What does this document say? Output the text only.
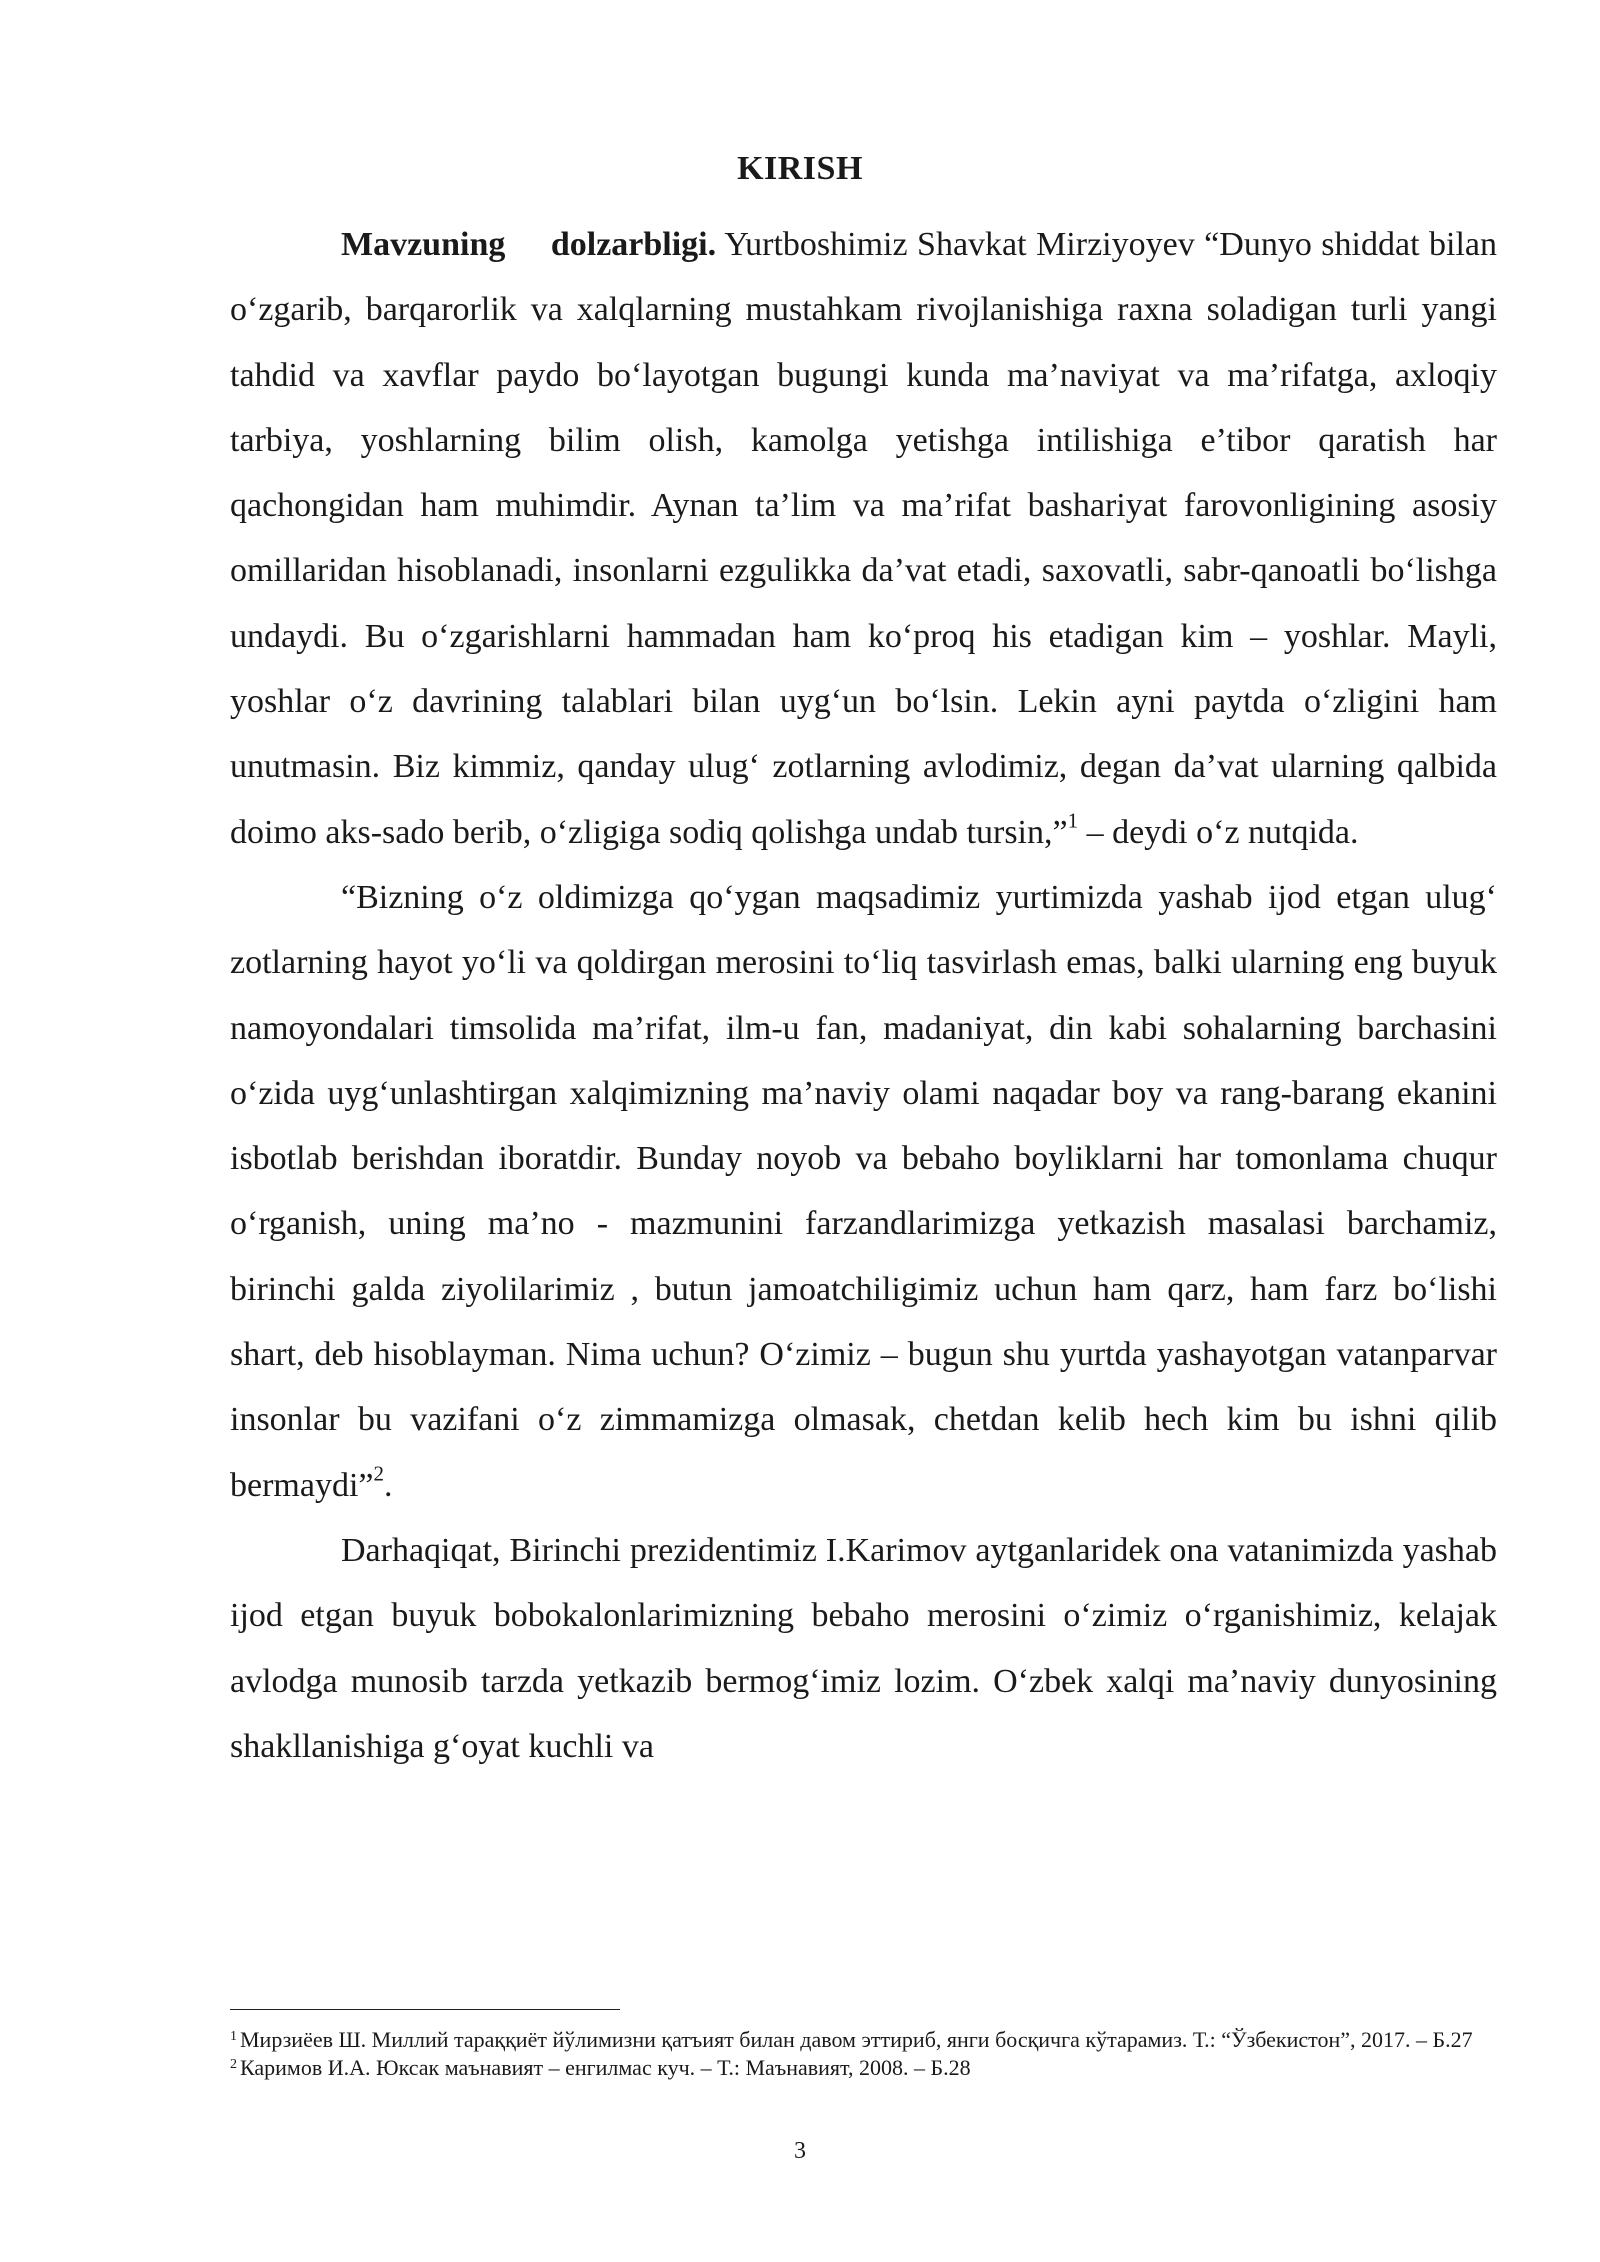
KIRISH

Mavzuning dolzarbligi. Yurtboshimiz Shavkat Mirziyoyev “Dunyo shiddat bilan o‘zgarib, barqarorlik va xalqlarning mustahkam rivojlanishiga raxna soladigan turli yangi tahdid va xavflar paydo bo‘layotgan bugungi kunda ma’naviyat va ma’rifatga, axloqiy tarbiya, yoshlarning bilim olish, kamolga yetishga intilishiga e’tibor qaratish har qachongidan ham muhimdir. Aynan ta’lim va ma’rifat bashariyat farovonligining asosiy omillaridan hisoblanadi, insonlarni ezgulikka da’vat etadi, saxovatli, sabr-qanoatli bo‘lishga undaydi. Bu o‘zgarishlarni hammadan ham ko‘proq his etadigan kim – yoshlar. Mayli, yoshlar o‘z davrining talablari bilan uyg‘un bo‘lsin. Lekin ayni paytda o‘zligini ham unutmasin. Biz kimmiz, qanday ulug‘ zotlarning avlodimiz, degan da’vat ularning qalbida doimo aks-sado berib, o‘zligiga sodiq qolishga undab tursin,”$^1$ – deydi o‘z nutqida.

“Bizning o‘z oldimizga qo‘ygan maqsadimiz yurtimizda yashab ijod etgan ulug‘ zotlarning hayot yo‘li va qoldirgan merosini to‘liq tasvirlash emas, balki ularning eng buyuk namoyondalari timsolida ma’rifat, ilm-u fan, madaniyat, din kabi sohalarning barchasini o‘zida uyg‘unlashtirgan xalqimizning ma’naviy olami naqadar boy va rang-barang ekanini isbotlab berishdan iboratdir. Bunday noyob va bebaho boyliklarni har tomonlama chuqur o‘rganish, uning ma’no - mazmunini farzandlarimizga yetkazish masalasi barchamiz, birinchi galda ziyolilarimiz , butun jamoatchiligimiz uchun ham qarz, ham farz bo‘lishi shart, deb hisoblayman. Nima uchun? O‘zimiz – bugun shu yurtda yashayotgan vatanparvar insonlar bu vazifani o‘z zimmamizga olmasak, chetdan kelib hech kim bu ishni qilib bermaydi”$^2$.

Darhaqiqat, Birinchi prezidentimiz I.Karimov aytganlaridek ona vatanimizda yashab ijod etgan buyuk bobokalonlarimizning bebaho merosini o‘zimiz o‘rganishimiz, kelajak avlodga munosib tarzda yetkazib bermog‘imiz lozim. O‘zbek xalqi ma’naviy dunyosining shakllanishiga g‘oyat kuchli va

$^1$ Мирзиёев Ш. Миллий тараққиёт йўлимизни қатъият билан давом эттириб, янги босқичга кўтарамиз. Т.: “Ўзбекистон”, 2017. – Б.27

$^2$ Каримов И.А. Юксак маънавият – енгилмас куч. – Т.: Маънавият, 2008. – Б.28

3
